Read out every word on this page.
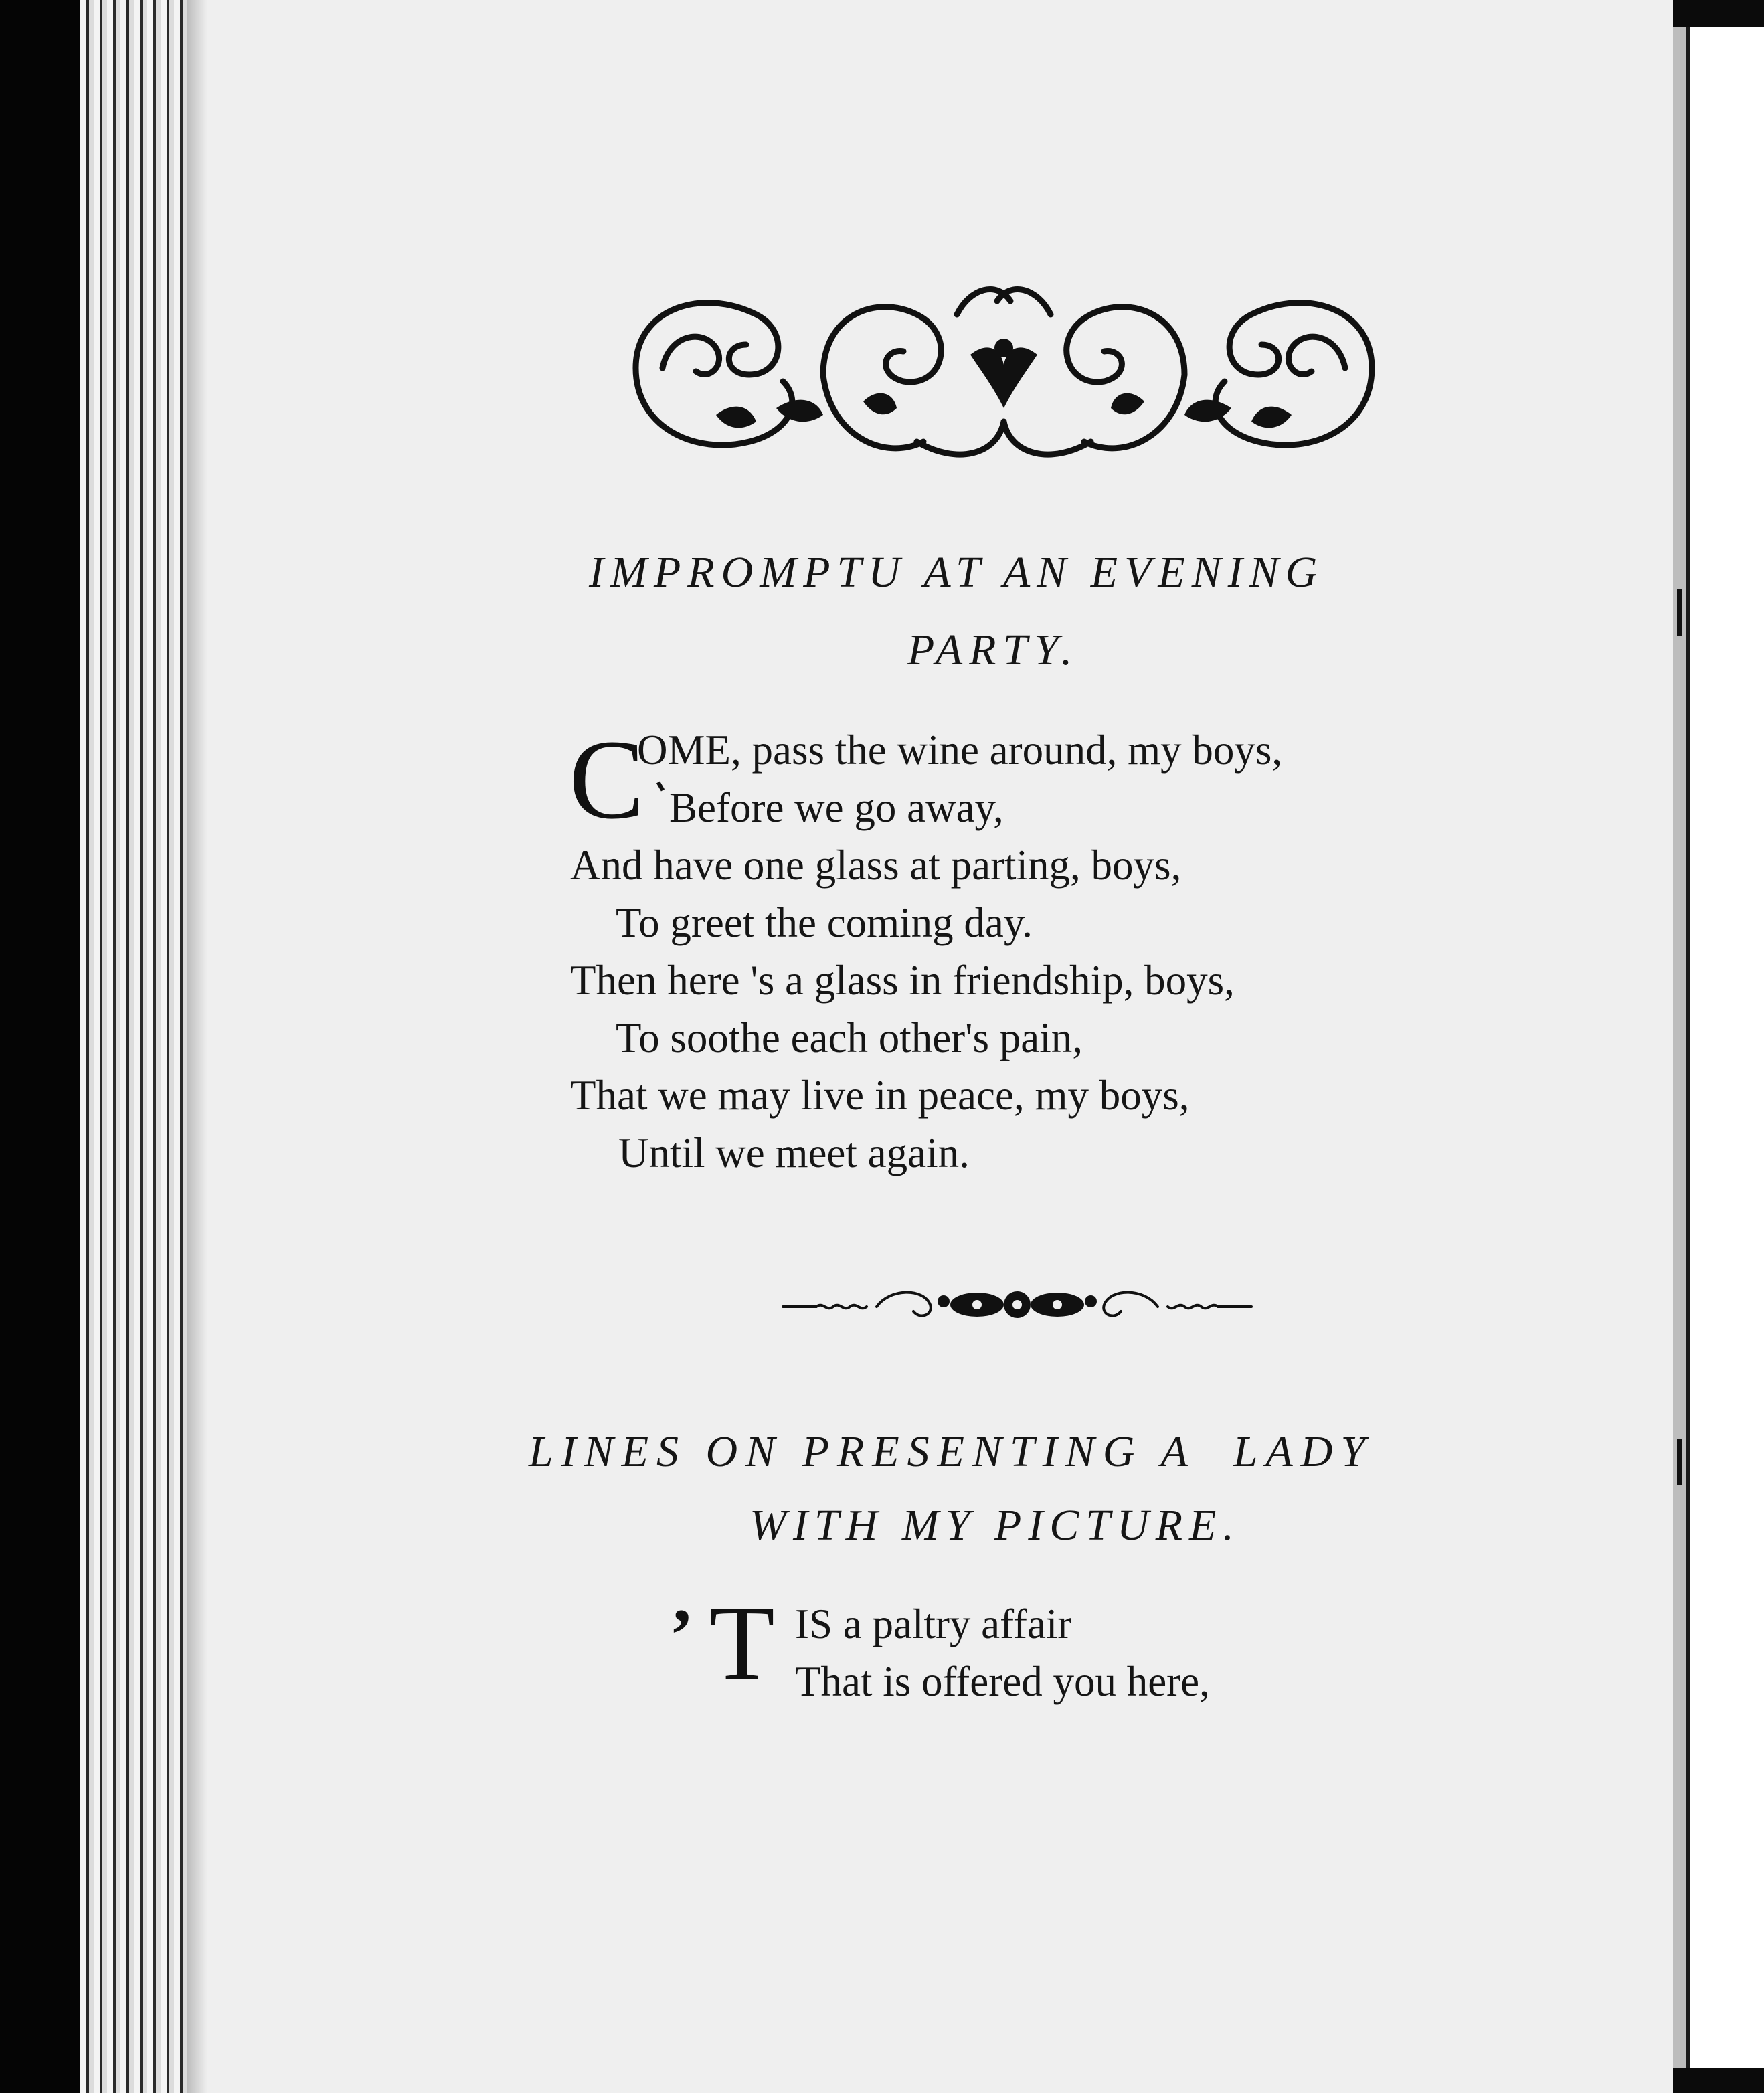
IMPROMPTU AT AN EVENING
PARTY.
C
OME, pass the wine around, my boys,
Before we go away,
And have one glass at parting, boys,
To greet the coming day.
Then here 's a glass in friendship, boys,
To soothe each other's pain,
That we may live in peace, my boys,
Until we meet again.
LINES ON PRESENTING A  LADY
WITH MY PICTURE.
’ T IS a paltry affair
That is offered you here,
